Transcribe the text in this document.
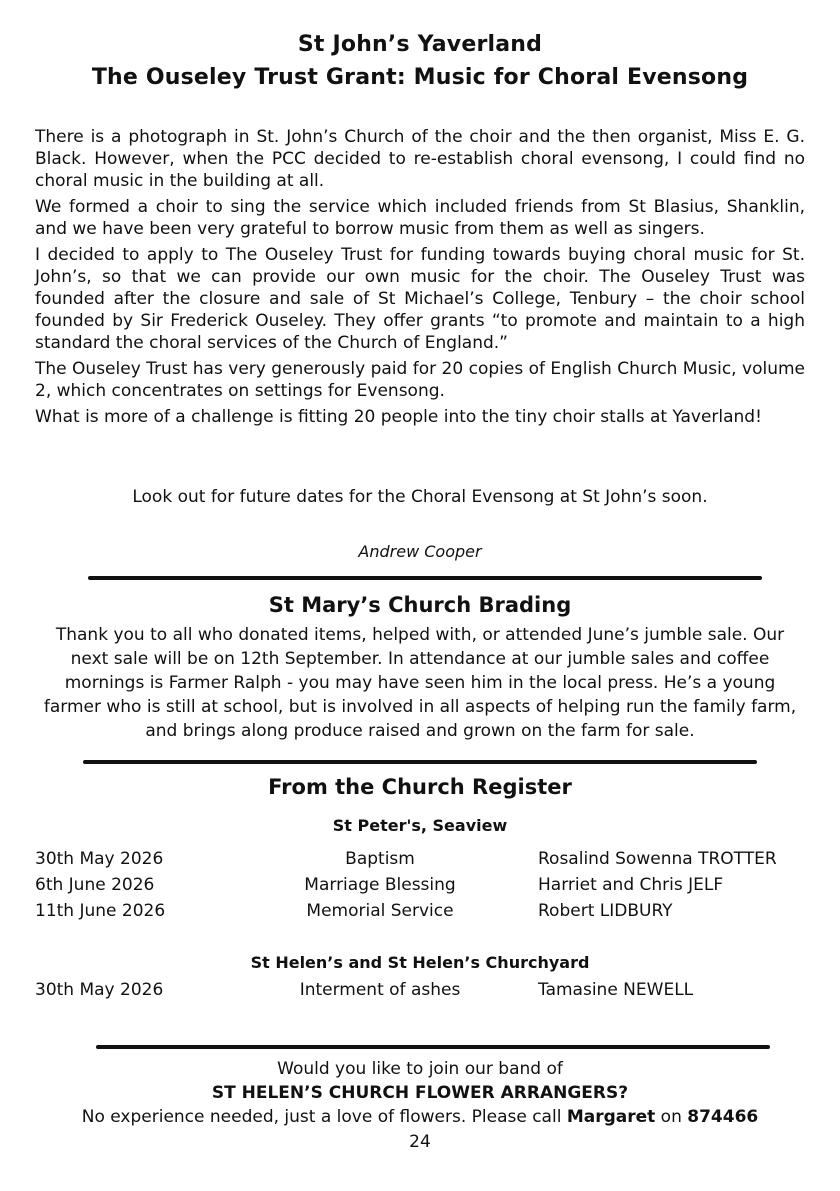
St John’s Yaverland
The Ouseley Trust Grant: Music for Choral Evensong

There is a photograph in St. John’s Church of the choir and the then organist, Miss E. G. Black. However, when the PCC decided to re-establish choral evensong, I could find no choral music in the building at all.

We formed a choir to sing the service which included friends from St Blasius, Shanklin, and we have been very grateful to borrow music from them as well as singers.

I decided to apply to The Ouseley Trust for funding towards buying choral music for St. John’s, so that we can provide our own music for the choir. The Ouseley Trust was founded after the closure and sale of St Michael’s College, Tenbury – the choir school founded by Sir Frederick Ouseley. They offer grants “to promote and maintain to a high standard the choral services of the Church of England.”

The Ouseley Trust has very generously paid for 20 copies of English Church Music, volume 2, which concentrates on settings for Evensong.

What is more of a challenge is fitting 20 people into the tiny choir stalls at Yaverland!

Look out for future dates for the Choral Evensong at St John’s soon.
Andrew Cooper
St Mary’s Church Brading
Thank you to all who donated items, helped with, or attended June’s jumble sale. Our next sale will be on 12th September. In attendance at our jumble sales and coffee mornings is Farmer Ralph - you may have seen him in the local press. He’s a young farmer who is still at school, but is involved in all aspects of helping run the family farm, and brings along produce raised and grown on the farm for sale.
From the Church Register
St Peter's, Seaview
30th May 2026	Baptism	Rosalind Sowenna TROTTER
6th June 2026	Marriage Blessing	Harriet and Chris JELF
11th June 2026	Memorial Service	Robert LIDBURY
St Helen’s and St Helen’s Churchyard
30th May 2026	Interment of ashes	Tamasine NEWELL
Would you like to join our band of
ST HELEN’S CHURCH FLOWER ARRANGERS?
No experience needed, just a love of flowers. Please call Margaret on 874466
24
